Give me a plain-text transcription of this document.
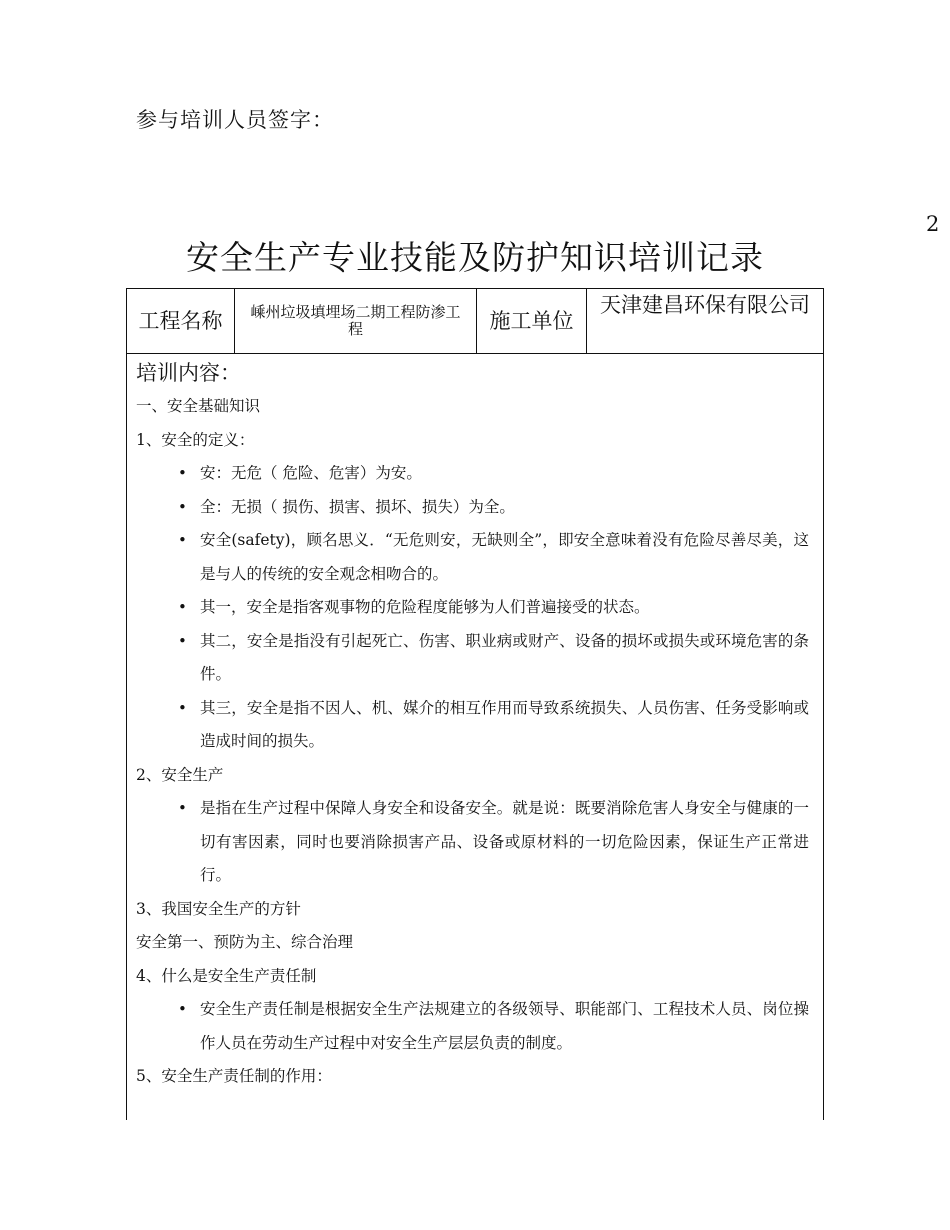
参与培训人员签字：
2
安全生产专业技能及防护知识培训记录
工程名称	嵊州垃圾填埋场二期工程防渗工程	施工单位
天津建昌环保有限公司
培训内容：
一、安全基础知识
1、安全的定义：
• 安：无危（ 危险、危害）为安。
• 全：无损（ 损伤、损害、损坏、损失）为全。
• 安全(safety)，顾名思义．“无危则安，无缺则全”，即安全意味着没有危险尽善尽美，这是与人的传统的安全观念相吻合的。
• 其一，安全是指客观事物的危险程度能够为人们普遍接受的状态。
• 其二，安全是指没有引起死亡、伤害、职业病或财产、设备的损坏或损失或环境危害的条件。
• 其三，安全是指不因人、机、媒介的相互作用而导致系统损失、人员伤害、任务受影响或造成时间的损失。
2、安全生产
• 是指在生产过程中保障人身安全和设备安全。就是说：既要消除危害人身安全与健康的一切有害因素，同时也要消除损害产品、设备或原材料的一切危险因素，保证生产正常进行。
3、我国安全生产的方针
安全第一、预防为主、综合治理
4、什么是安全生产责任制
• 安全生产责任制是根据安全生产法规建立的各级领导、职能部门、工程技术人员、岗位操作人员在劳动生产过程中对安全生产层层负责的制度。
5、安全生产责任制的作用：
